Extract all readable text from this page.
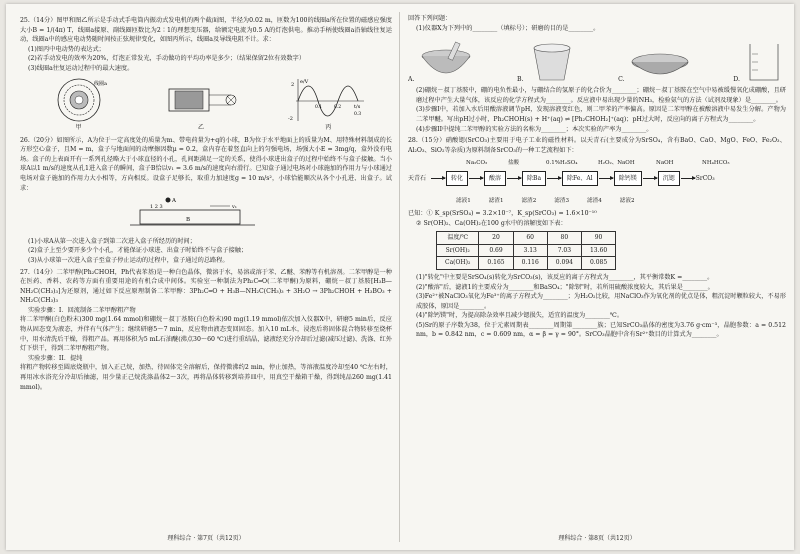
25.（14分）图甲和图乙所示是手动式手电筒内振动式发电机的两个截面图，半径为0.02 m，匝数为100的线圈a所在位置的磁感应强度大小B = 1/(4π) T，线圈a接原、副线圈匝数比为2∶1的理想变压器，给额定电流为0.5 A的灯泡供电。推动手柄使线圈a沿轴线往复运动，线圈a中的感应电动势随时间按正弦规律变化，如图丙所示，线圈a及导线电阻不计。求：

(1)图丙中电动势的表达式；

(2)若手动发电的效率为20%，灯泡正常发光，手动做功的平均功率是多少；（结果保留2位有效数字）

(3)线圈a往复运动过程中的最大速度。

线圈a
甲	乙
e/V
t/s
2
-2
0.1	0.2
0.3
丙

26.（20分）如图所示，A为位于一定高度处的质量为m、带电荷量为+q的小球，B为位于水平地面上的质量为M、用特殊材料制成的长方形空心盒子，且M = m，盒子与地面间的动摩擦因数μ = 0.2，盒内存在着竖直向上的匀强电场，场强大小E = 3mg/q，盒外没有电场。盒子的上表面开有一系列孔径略大于小球直径的小孔，孔间距满足一定的关系，使得小球进出盒子的过程中始终不与盒子接触。当小球A以1 m/s的速度从孔1进入盒子的瞬间，盒子B恰以v₁ = 3.6 m/s的速度向右滑行。已知盒子通过电场对小球施加的作用力与小球通过电场对盒子施加的作用力大小相等，方向相反。设盒子足够长，取重力加速度g = 10 m/s²，小球恰能顺次从各个小孔进、出盒子。试求：

A
B
1 2 3	v₁

(1)小球A从第一次进入盒子到第二次进入盒子所经历的时间；

(2)盒子上至少要开多少个小孔，才能保证小球进、出盒子时始终不与盒子接触；

(3)从小球第一次进入盒子至盒子停止运动的过程中，盒子通过的总路程。

27.（14分）二苯甲醇(Ph₂CHOH，Ph代表苯基)是一种白色晶体，微溶于水，易溶或溶于苯、乙醚、苯醇等有机溶剂。二苯甲醇是一种在医药、香料、农药等方面有重要用途的有机合成中间体。实验室一种制法为Ph₂C═O(二苯甲酮)为原料，硼烷－叔丁基胺[H₃B—NH₂C(CH₃)₃]为还原剂，通过如下反应原理制备二苯甲醇：3Ph₂C═O + H₃B—NH₂C(CH₃)₃ + 3H₂O → 3Ph₂CHOH + H₃BO₃ + NH₂C(CH₃)₃

实验步骤：I．回流制备二苯甲醇粗产物

将二苯甲酮(白色粉末)300 mg(1.64 mmol)和硼烷－叔丁基胺(白色粉末)90 mg(1.19 mmol)依次加入仪器X中，研磨5 min后，反应物从固态变为液态，并伴有气体产生；继续研磨5～7 min，反应物由液态变回固态。加入10 mL水，浸泡后将固体混合物转移至烧杯中，用水清洗后干燥，得粗产品。再用体积为5 mL石油醚(沸点30～60 ℃)进行重结晶，滤液经充分冷却后过滤(减压过滤)、洗涤、红外灯下烘干，得到二苯甲醇粗产物。

实验步骤：II．提纯

将粗产物转移至圆底烧瓶中，加入正己烷，加热，待固体完全溶解后，保持微沸约2 min，停止加热，等溶液温度冷却至40 ℃左右时，再用冰水浴充分冷却后抽滤，用少量正己烷洗涤晶体2～3次，再将晶体转移到培养皿中，用真空干燥箱干燥，得到纯品260 mg(1.41 mmol)。

理科综合 · 第7页（共12页）

回答下列问题：

(1)仪器X为下列中的________（填标号）；研磨的目的是________。

A.	B.	C.	D.

(2)硼烷－叔丁基胺中，硼的电负性最小，与硼结合的氢原子的化合价为________；硼烷－叔丁基胺在空气中易被缓慢氧化成硼酸，且研磨过程中产生大量气体，该反应的化学方程式为________。反应液中易出现少量的NH₃，检验氨气的方法（试剂及现象）是________。

(3)步骤I中，若加入水后用酸溶液调节pH，发现溶液变红色，则二甲苯的产率偏高。原因是二苯甲醇在被酸溶液中易发生分解。产物为二苯甲醚。写出pH过小时，Ph₂CHOH(s) + H⁺(aq) ⇌ [Ph₂CHOH₂]⁺(aq)；pH过大时，反应向的离子方程式为________。

(4)步骤II中提纯二苯甲醇的实验方法的名称为________；本次实验的产率为________。

28.（15分）硝酸锶(SrCO₃)主要用于电子工业的磁性材料。以天青石(主要成分为SrSO₄，含有BaO、CaO、MgO、FeO、Fe₂O₃、Al₂O₃、SiO₂等杂质)为原料制备SrCO₃的一种工艺流程如下：

天青石	转化	酸溶	除Ba	除Fe、Al	除钙镁	沉锶	SrCO₃
Na₂CO₃	盐酸	0.1%H₂SO₄	H₂O₂、NaOH	NaOH	NH₄HCO₃
滤液1	滤渣1	滤渣2	滤渣3	滤渣4	滤液2

已知：① K_sp(SrSO₄) = 3.2×10⁻⁷，K_sp(SrCO₃) = 1.6×10⁻¹⁰

② Sr(OH)₂、Ca(OH)₂在100 g水中的溶解度如下表：

温度/℃	20	60	80	90
Sr(OH)₂	0.69	3.13	7.03	13.60
Ca(OH)₂	0.165	0.116	0.094	0.085

(1)"转化"中主要是SrSO₄(s)转化为SrCO₃(s)，该反应的离子方程式为________，其平衡常数K =________。

(2)"酸溶"后，滤液1的主要成分为________和BaSO₄；"除钡"时，若所用硫酸浓度较大，其后果是________。

(3)Fe²⁺被NaClO₃氧化为Fe³⁺的离子方程式为________；为H₂O₂比较，用NaClO₃作为氧化剂的优点是体，粗沉淀时颗粒较大，不易形成胶体，原因是________。

(4)"除钙镁"时，为提高除杂效率且减少锶损失，适宜的温度为________℃。

(5)Sr的原子序数为38，位于元素周期表________周期第________族；已知SrCO₃晶体的密度为3.76 g·cm⁻³，晶胞参数：a = 0.512 nm，b = 0.842 nm，c = 0.609 nm，α = β = γ = 90°。SrCO₃晶胞中含有Sr²⁺数目的计算式为________。

理科综合 · 第8页（共12页）
